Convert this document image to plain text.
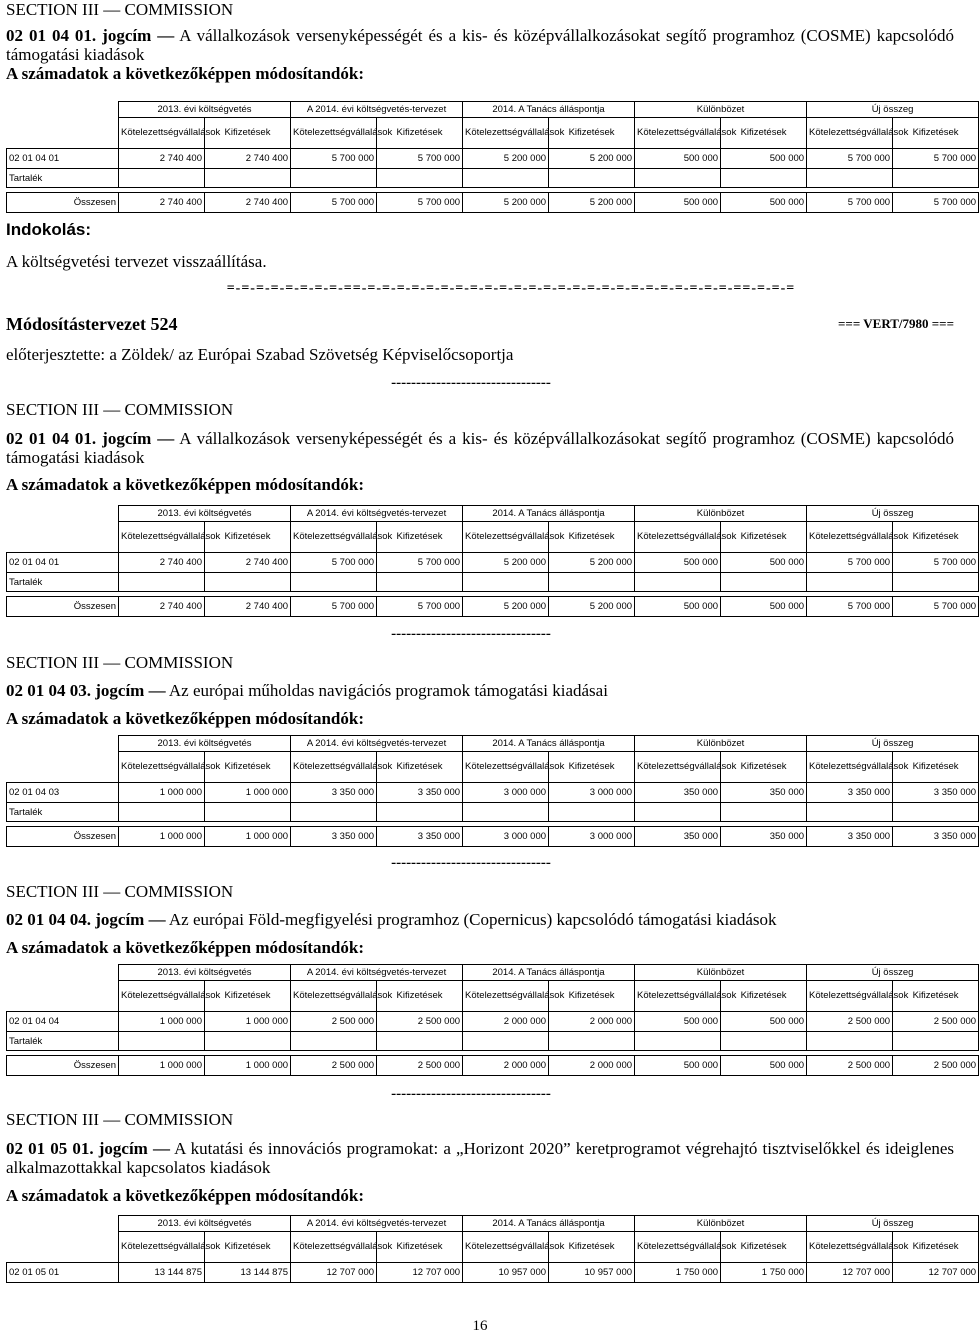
SECTION III — COMMISSION
02 01 04 01. jogcím — A vállalkozások versenyképességét és a kis- és középvállalkozásokat segítő programhoz (COSME) kapcsolódó támogatási kiadások
A számadatok a következőképpen módosítandók:
	2013. évi költségvetés		A 2014. évi költségvetés-tervezet		2014. A Tanács álláspontja		Különbözet		Új összeg	
	Kötelezettségvállalások	Kifizetések	Kötelezettségvállalások	Kifizetések	Kötelezettségvállalások	Kifizetések	Kötelezettségvállalások	Kifizetések	Kötelezettségvállalások	Kifizetések
02 01 04 01	2 740 400	2 740 400	5 700 000	5 700 000	5 200 000	5 200 000	500 000	500 000	5 700 000	5 700 000
Tartalék										

Összesen	2 740 400	2 740 400	5 700 000	5 700 000	5 200 000	5 200 000	500 000	500 000	5 700 000	5 700 000
Indokolás:
A költségvetési tervezet visszaállítása.
=-=-=-=-=-=-=-=-==-=-=-=-=-=-=-=-=-=-=-=-=-=-=-=-=-=-=-=-=-=-=-=-=-=-==-=-=-=
Módosítástervezet 524	=== VERT/7980 ===
előterjesztette: a Zöldek/ az Európai Szabad Szövetség Képviselőcsoportja
--------------------------------
SECTION III — COMMISSION
02 01 04 01. jogcím — A vállalkozások versenyképességét és a kis- és középvállalkozásokat segítő programhoz (COSME) kapcsolódó támogatási kiadások
A számadatok a következőképpen módosítandók:
	2013. évi költségvetés		A 2014. évi költségvetés-tervezet		2014. A Tanács álláspontja		Különbözet		Új összeg	
	Kötelezettségvállalások	Kifizetések	Kötelezettségvállalások	Kifizetések	Kötelezettségvállalások	Kifizetések	Kötelezettségvállalások	Kifizetések	Kötelezettségvállalások	Kifizetések
02 01 04 01	2 740 400	2 740 400	5 700 000	5 700 000	5 200 000	5 200 000	500 000	500 000	5 700 000	5 700 000
Tartalék										

Összesen	2 740 400	2 740 400	5 700 000	5 700 000	5 200 000	5 200 000	500 000	500 000	5 700 000	5 700 000
--------------------------------
SECTION III — COMMISSION
02 01 04 03. jogcím — Az európai műholdas navigációs programok támogatási kiadásai
A számadatok a következőképpen módosítandók:
	2013. évi költségvetés		A 2014. évi költségvetés-tervezet		2014. A Tanács álláspontja		Különbözet		Új összeg	
	Kötelezettségvállalások	Kifizetések	Kötelezettségvállalások	Kifizetések	Kötelezettségvállalások	Kifizetések	Kötelezettségvállalások	Kifizetések	Kötelezettségvállalások	Kifizetések
02 01 04 03	1 000 000	1 000 000	3 350 000	3 350 000	3 000 000	3 000 000	350 000	350 000	3 350 000	3 350 000
Tartalék										

Összesen	1 000 000	1 000 000	3 350 000	3 350 000	3 000 000	3 000 000	350 000	350 000	3 350 000	3 350 000
--------------------------------
SECTION III — COMMISSION
02 01 04 04. jogcím — Az európai Föld-megfigyelési programhoz (Copernicus) kapcsolódó támogatási kiadások
A számadatok a következőképpen módosítandók:
	2013. évi költségvetés		A 2014. évi költségvetés-tervezet		2014. A Tanács álláspontja		Különbözet		Új összeg	
	Kötelezettségvállalások	Kifizetések	Kötelezettségvállalások	Kifizetések	Kötelezettségvállalások	Kifizetések	Kötelezettségvállalások	Kifizetések	Kötelezettségvállalások	Kifizetések
02 01 04 04	1 000 000	1 000 000	2 500 000	2 500 000	2 000 000	2 000 000	500 000	500 000	2 500 000	2 500 000
Tartalék										

Összesen	1 000 000	1 000 000	2 500 000	2 500 000	2 000 000	2 000 000	500 000	500 000	2 500 000	2 500 000
--------------------------------
SECTION III — COMMISSION
02 01 05 01. jogcím — A kutatási és innovációs programokat: a „Horizont 2020” keretprogramot végrehajtó tisztviselőkkel és ideiglenes alkalmazottakkal kapcsolatos kiadások
A számadatok a következőképpen módosítandók:
	2013. évi költségvetés		A 2014. évi költségvetés-tervezet		2014. A Tanács álláspontja		Különbözet		Új összeg	
	Kötelezettségvállalások	Kifizetések	Kötelezettségvállalások	Kifizetések	Kötelezettségvállalások	Kifizetések	Kötelezettségvállalások	Kifizetések	Kötelezettségvállalások	Kifizetések
02 01 05 01	13 144 875	13 144 875	12 707 000	12 707 000	10 957 000	10 957 000	1 750 000	1 750 000	12 707 000	12 707 000
16
